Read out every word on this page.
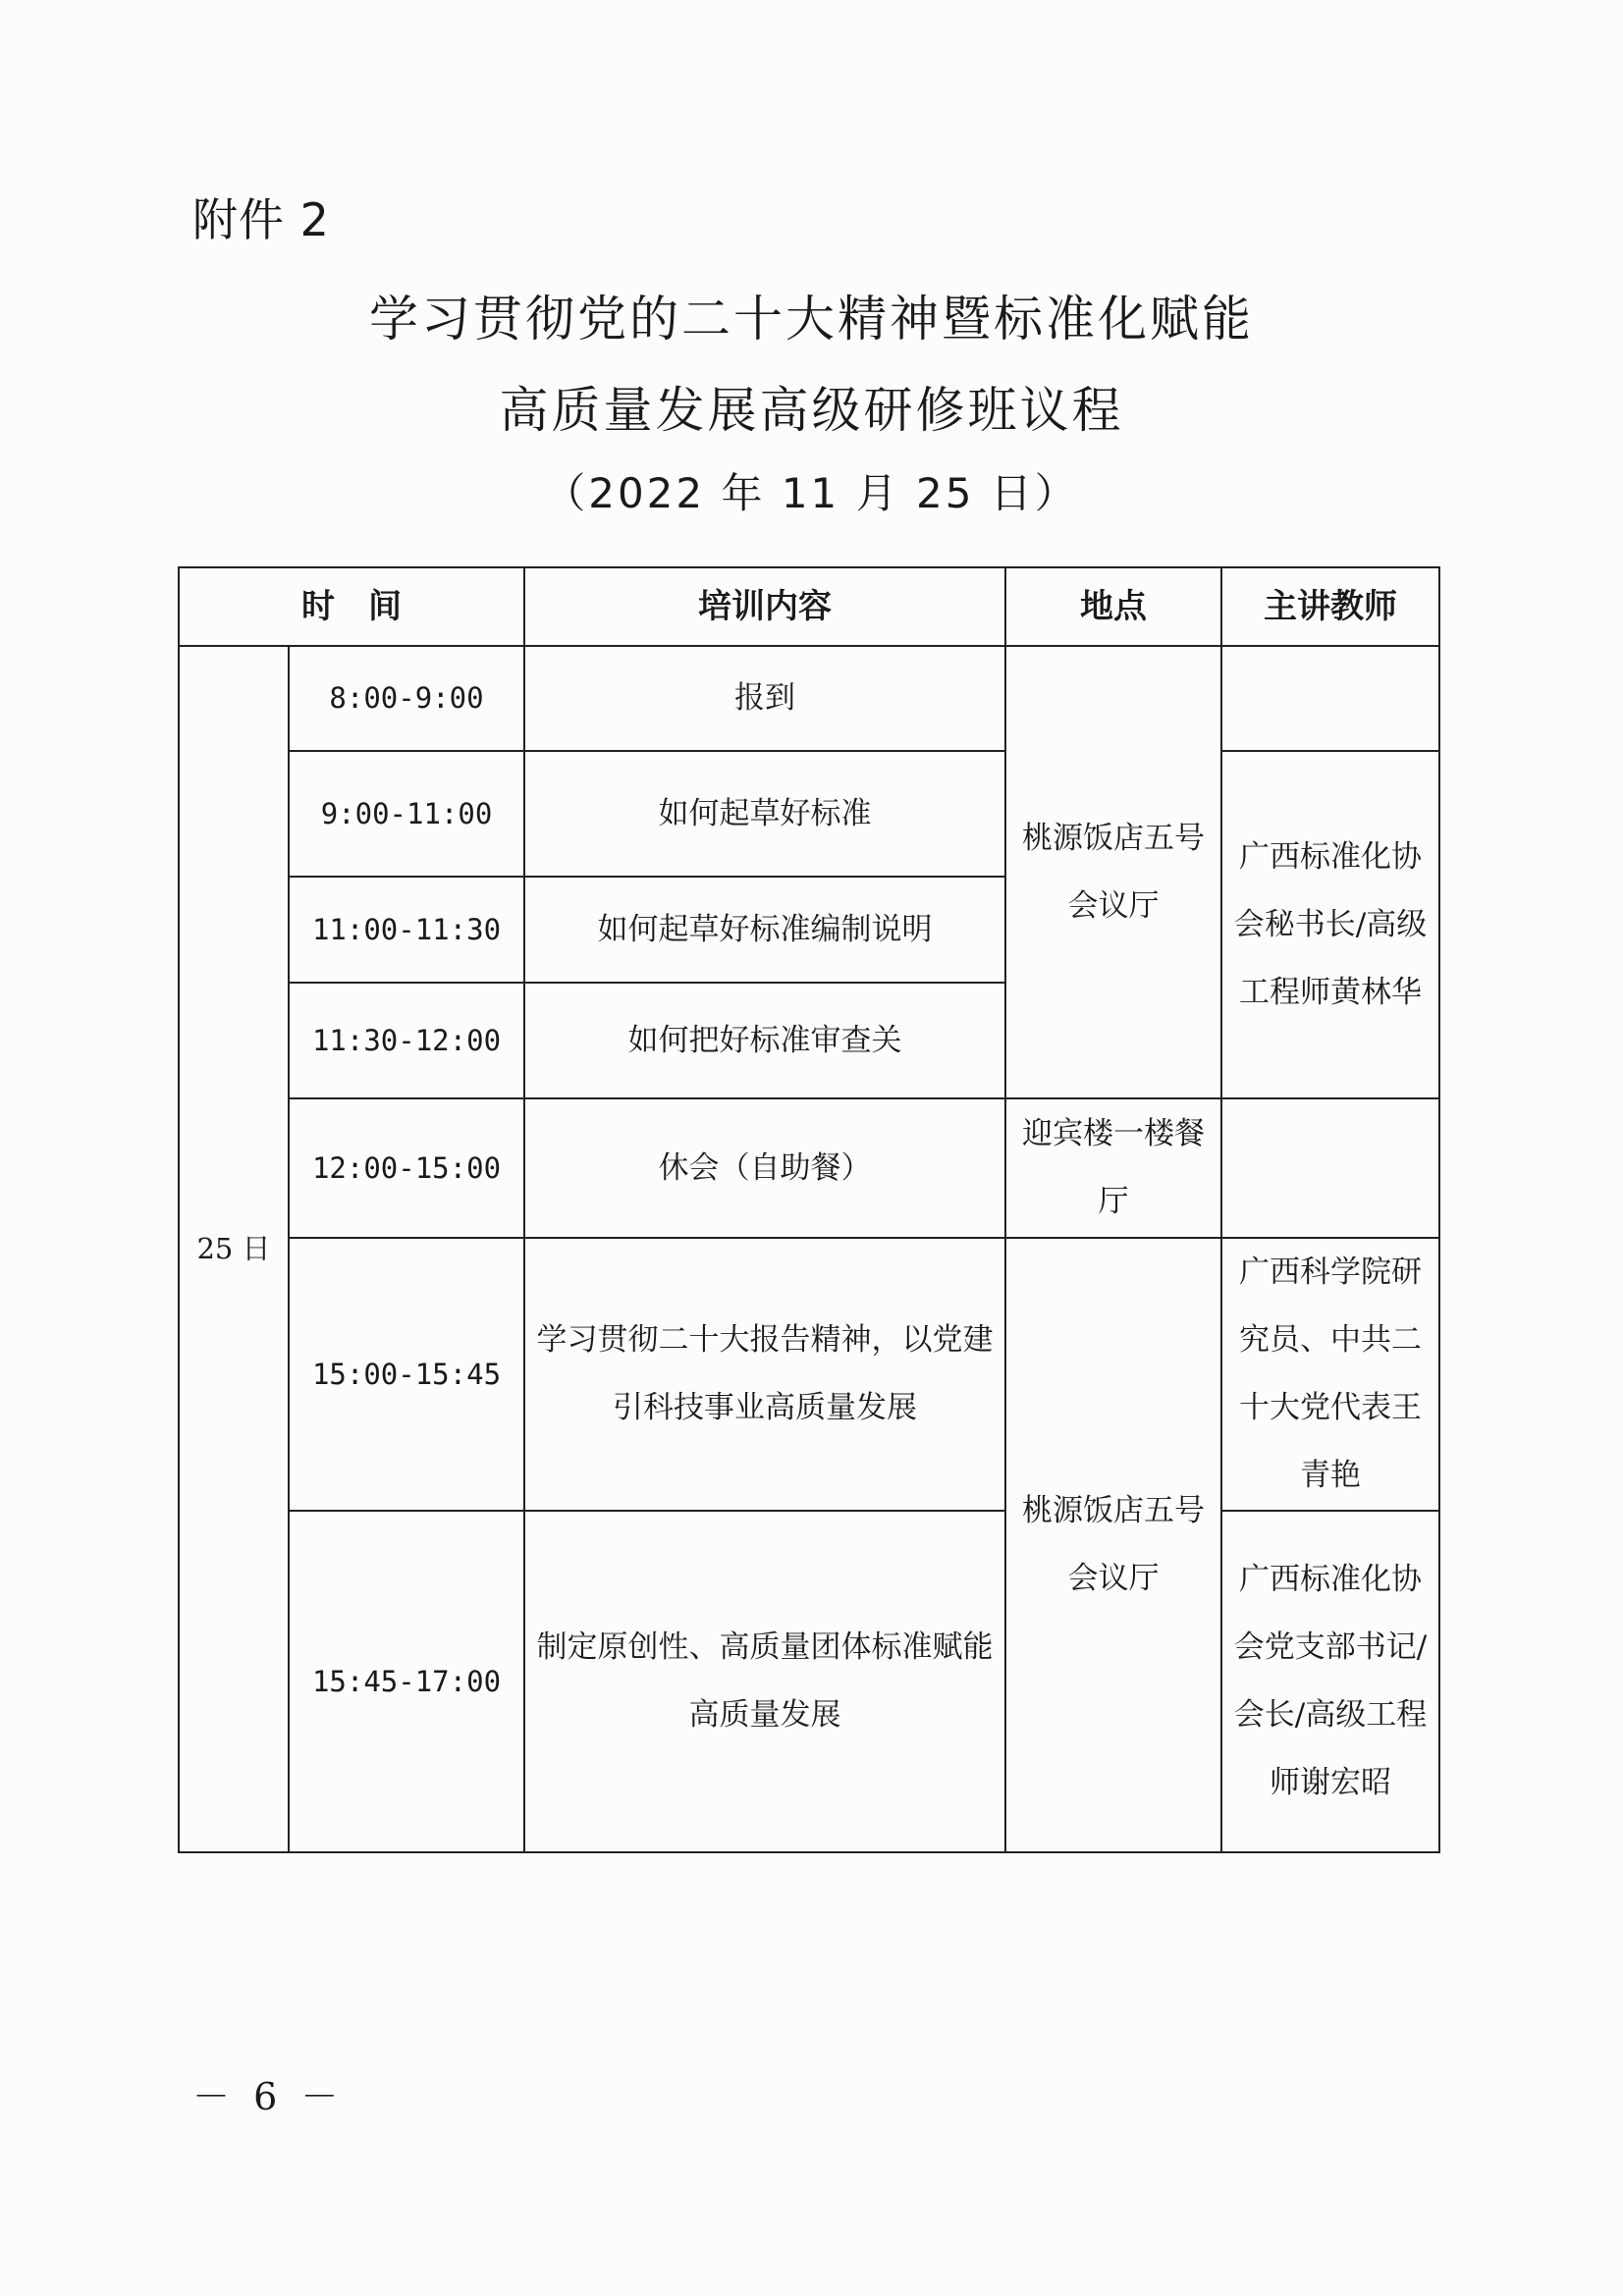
附件 2
学习贯彻党的二十大精神暨标准化赋能
高质量发展高级研修班议程
（2022 年 11 月 25 日）
时　间		培训内容	地点	主讲教师
25 日	8:00-9:00	报到	桃源饭店五号会议厅	
	9:00-11:00	如何起草好标准		广西标准化协会秘书长/高级工程师黄林华
	11:00-11:30	如何起草好标准编制说明		
	11:30-12:00	如何把好标准审查关		
	12:00-15:00	休会（自助餐）	迎宾楼一楼餐厅	
	15:00-15:45	学习贯彻二十大报告精神，以党建引科技事业高质量发展	桃源饭店五号会议厅	广西科学院研究员、中共二十大党代表王青艳
	15:45-17:00	制定原创性、高质量团体标准赋能高质量发展		广西标准化协会党支部书记/会长/高级工程师谢宏昭
－ 6 －
